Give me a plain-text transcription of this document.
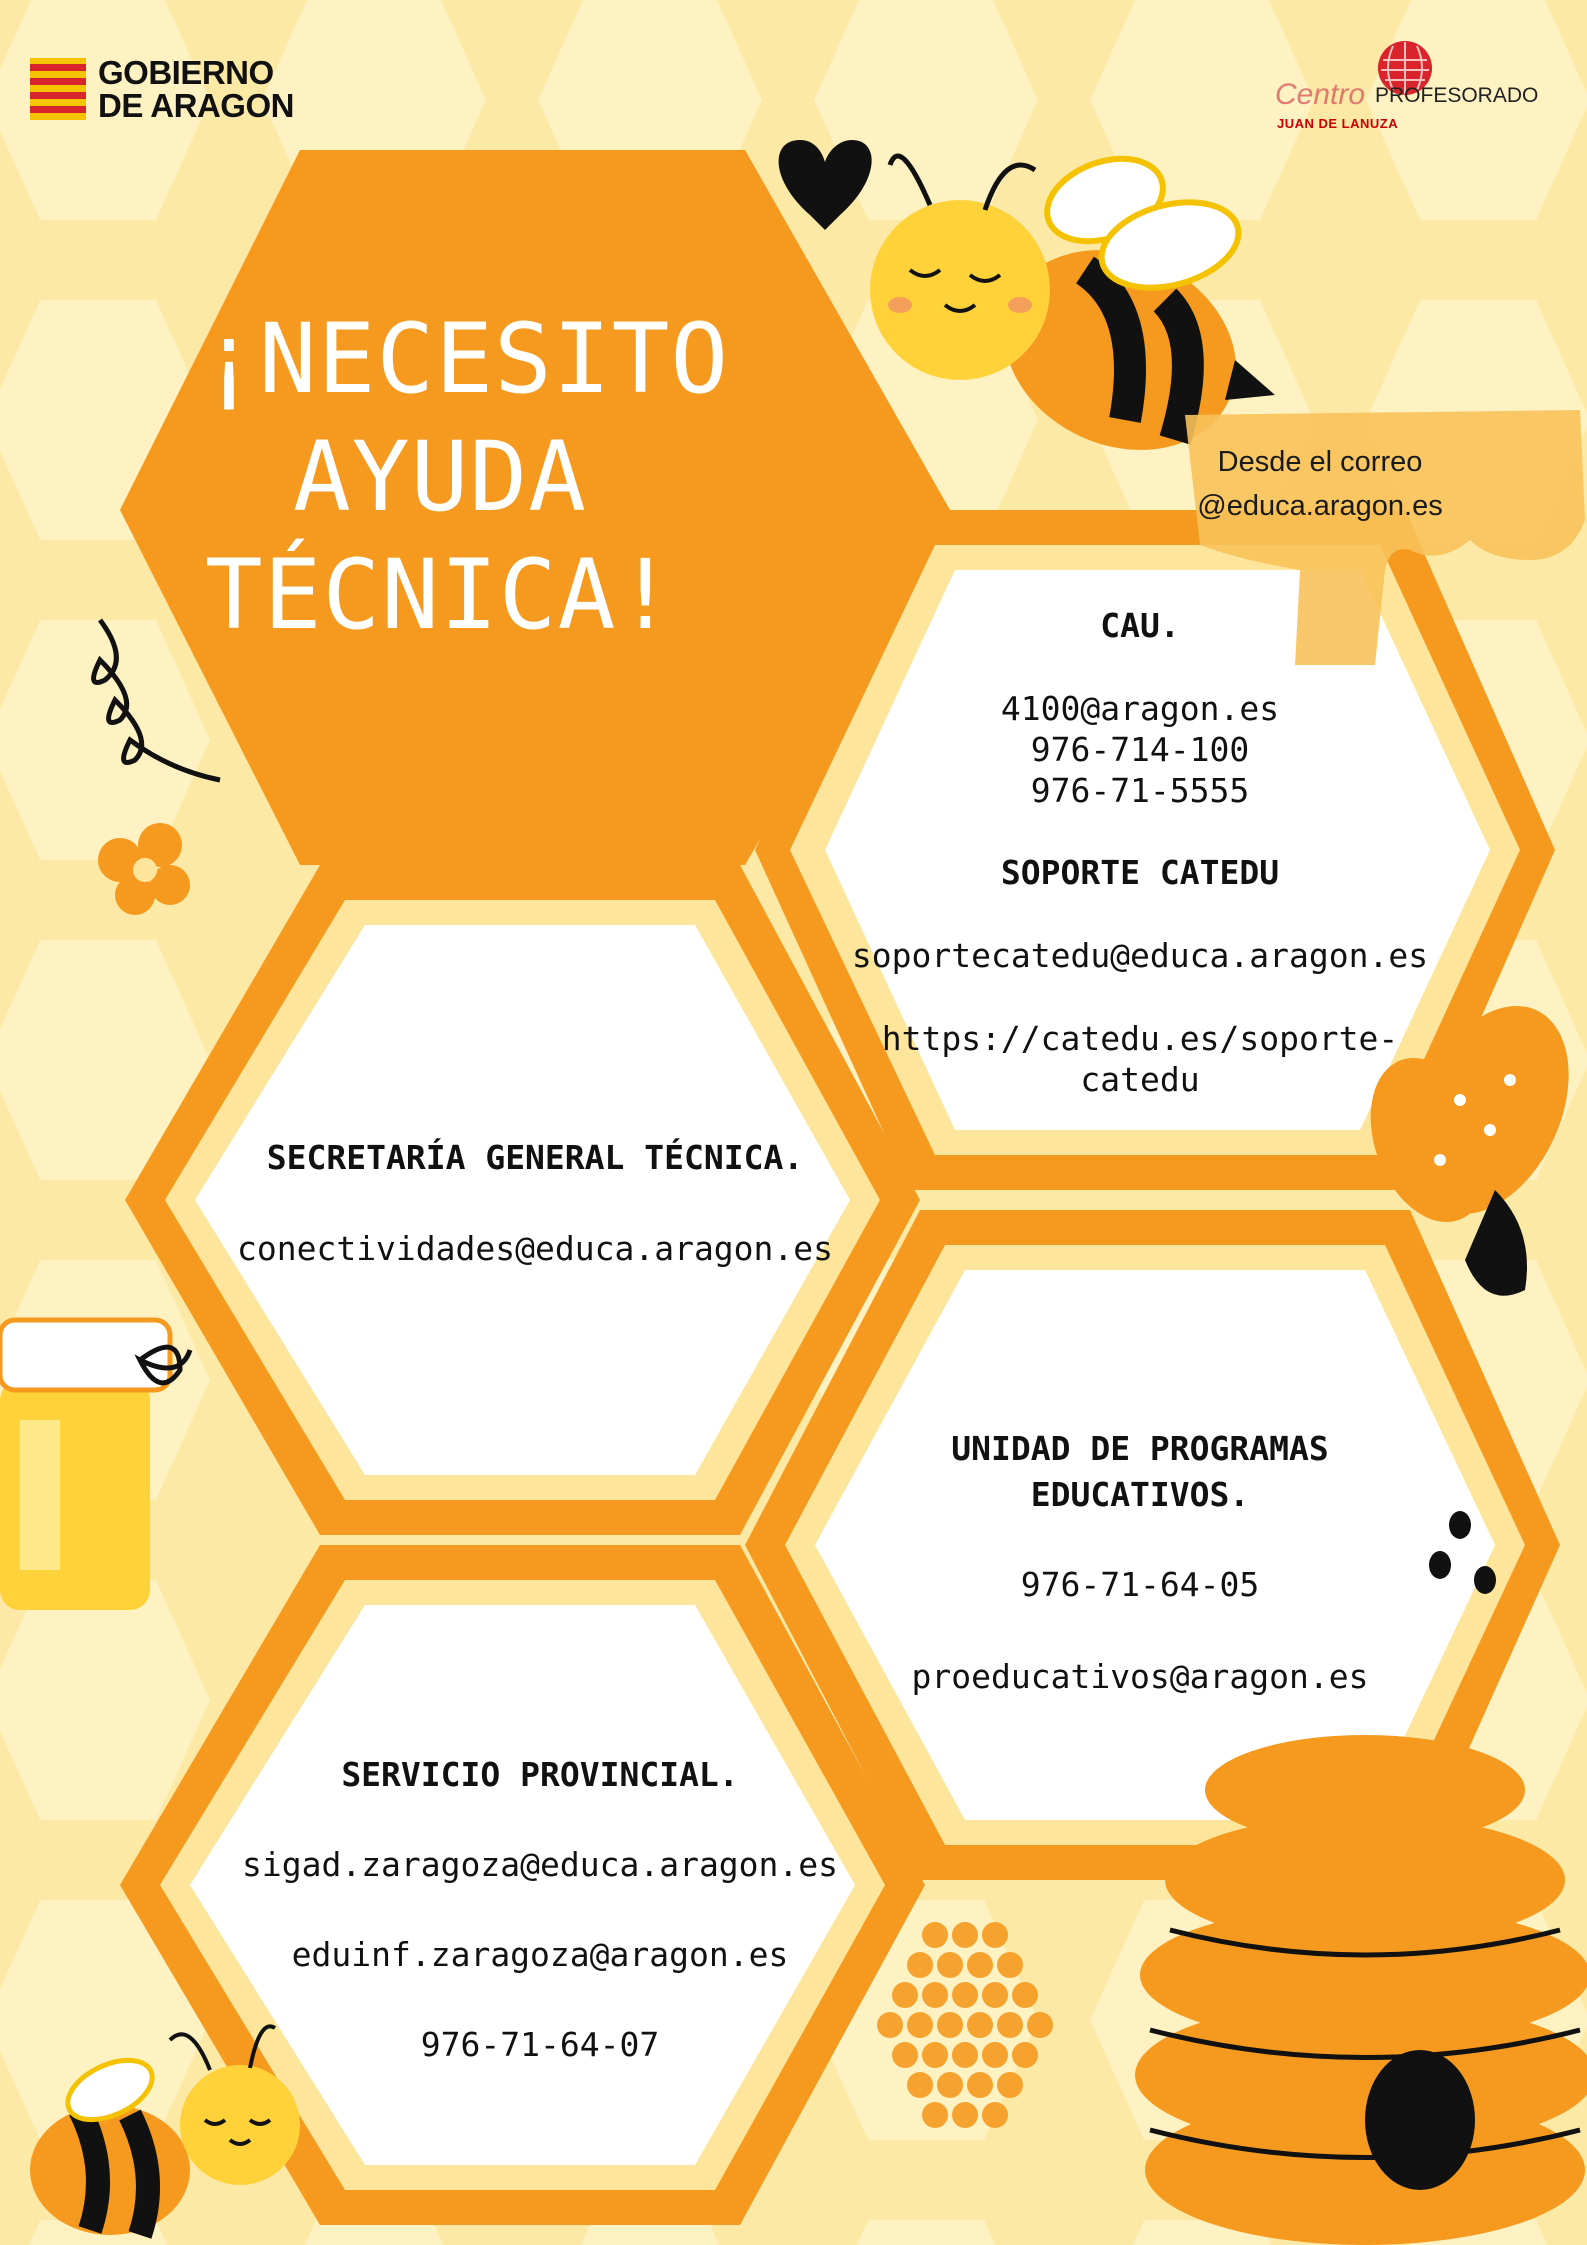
GOBIERNO
DE ARAGON	Centro PROFESORADO
JUAN DE LANUZA
¡NECESITO
AYUDA
TÉCNICA!
Desde el correo
@educa.aragon.es
CAU.
4100@aragon.es
976-714-100
976-71-5555
SOPORTE CATEDU
soportecatedu@educa.aragon.es
https://catedu.es/soporte-
catedu
SECRETARÍA GENERAL TÉCNICA.
conectividades@educa.aragon.es
UNIDAD DE PROGRAMAS
EDUCATIVOS.
976-71-64-05
proeducativos@aragon.es
SERVICIO PROVINCIAL.
sigad.zaragoza@educa.aragon.es
eduinf.zaragoza@aragon.es
976-71-64-07
